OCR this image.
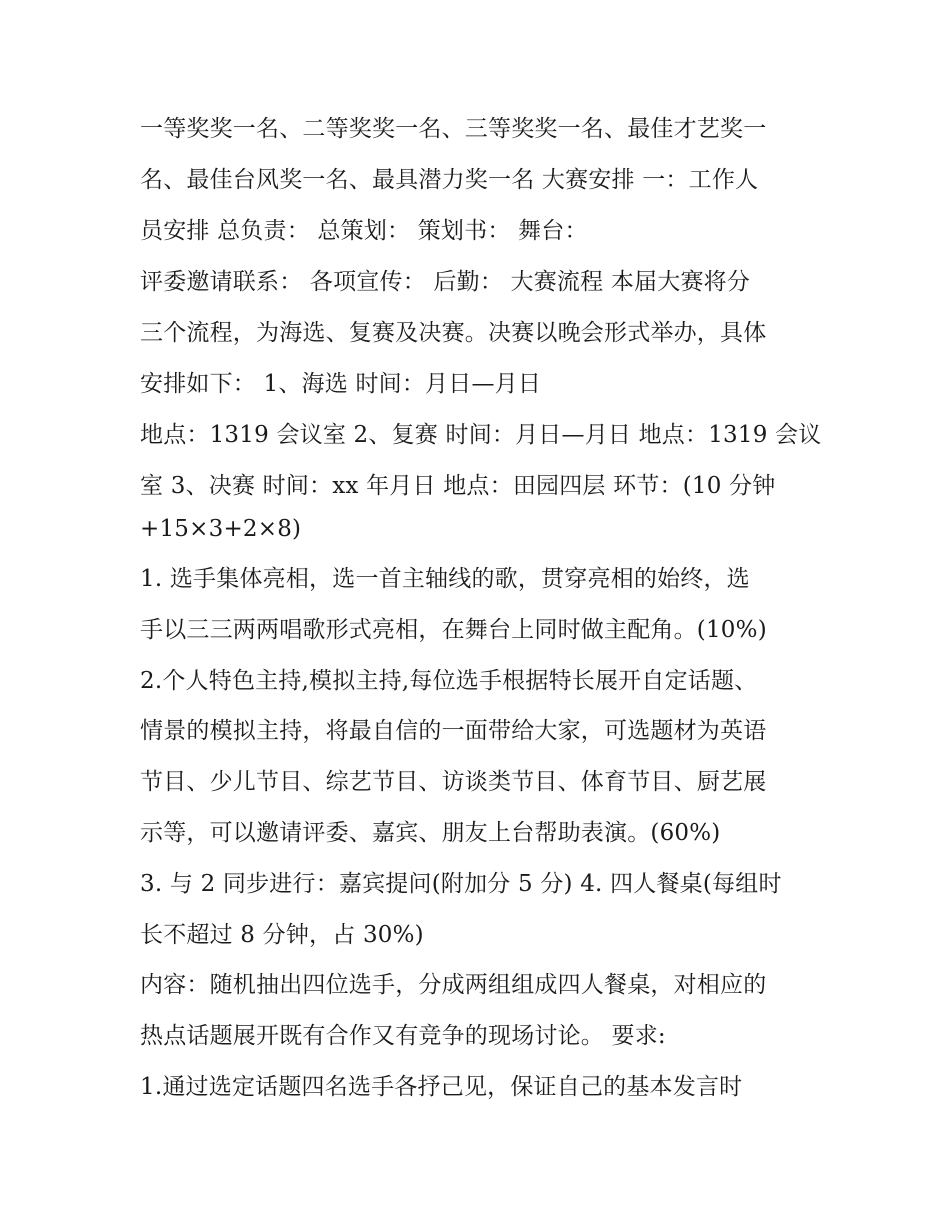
一等奖奖一名、二等奖奖一名、三等奖奖一名、最佳才艺奖一
名、最佳台风奖一名、最具潜力奖一名 大赛安排 一：工作人
员安排 总负责： 总策划： 策划书： 舞台：
评委邀请联系： 各项宣传： 后勤： 大赛流程 本届大赛将分
三个流程，为海选、复赛及决赛。决赛以晚会形式举办，具体
安排如下： 1、海选 时间：月日—月日
地点：1319 会议室 2、复赛 时间：月日—月日 地点：1319 会议
室 3、决赛 时间：xx 年月日 地点：田园四层 环节：(10 分钟
+15×3+2×8)
1. 选手集体亮相，选一首主轴线的歌，贯穿亮相的始终，选
手以三三两两唱歌形式亮相，在舞台上同时做主配角。(10%)
2.个人特色主持,模拟主持,每位选手根据特长展开自定话题、
情景的模拟主持，将最自信的一面带给大家，可选题材为英语
节目、少儿节目、综艺节目、访谈类节目、体育节目、厨艺展
示等，可以邀请评委、嘉宾、朋友上台帮助表演。(60%)
3. 与 2 同步进行：嘉宾提问(附加分 5 分) 4. 四人餐桌(每组时
长不超过 8 分钟，占 30%)
内容：随机抽出四位选手，分成两组组成四人餐桌，对相应的
热点话题展开既有合作又有竞争的现场讨论。 要求:
1.通过选定话题四名选手各抒己见，保证自己的基本发言时
